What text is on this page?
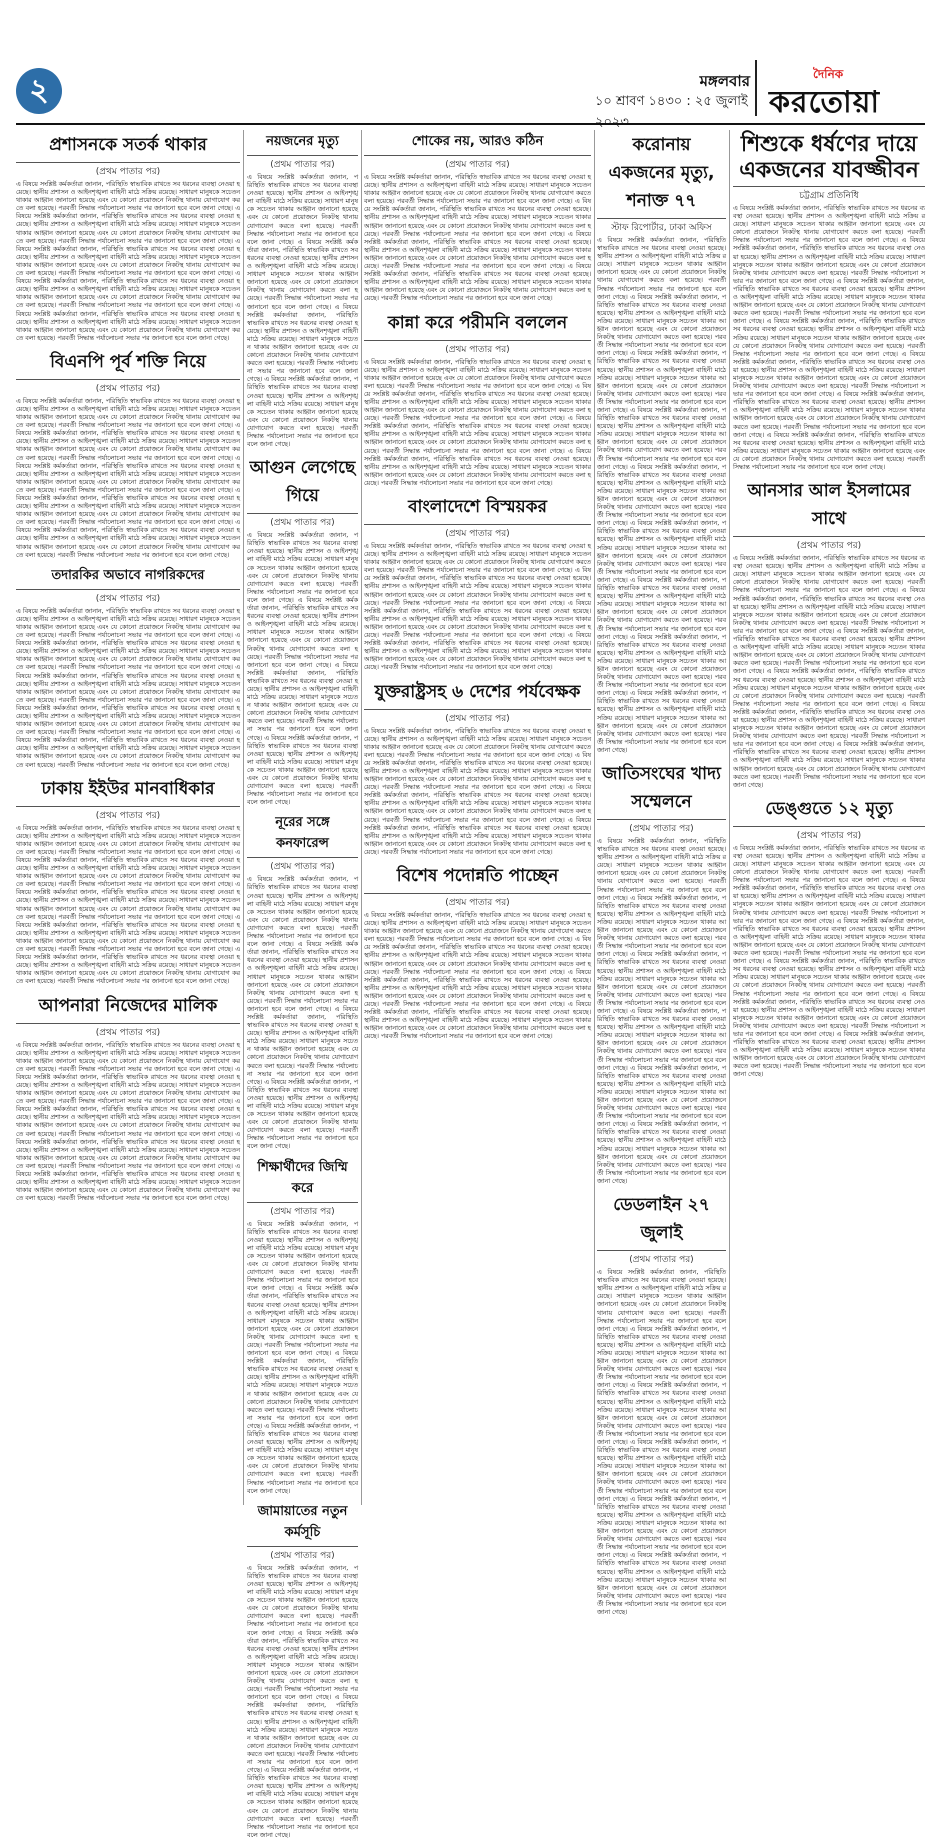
২	মঙ্গলবার
১০ শ্রাবণ ১৪৩০ : ২৫ জুলাই
দৈনিক
করতোয়া
প্রশাসনকে সতর্ক থাকার
(প্রথম পাতার পর)

এ বিষয়ে সংশ্লিষ্ট কর্মকর্তারা জানান, পরিস্থিতি স্বাভাবিক রাখতে সব ধরনের ব্যবস্থা নেওয়া হয়েছে। স্থানীয় প্রশাসন ও আইনশৃঙ্খলা বাহিনী মাঠে সক্রিয় রয়েছে। সাধারণ মানুষকে সচেতন থাকার আহ্বান জানানো হয়েছে এবং যে কোনো প্রয়োজনে নিকটস্থ থানায় যোগাযোগ করতে বলা হয়েছে। পরবর্তী সিদ্ধান্ত পর্যালোচনা সভার পর জানানো হবে বলে জানা গেছে। এ বিষয়ে সংশ্লিষ্ট কর্মকর্তারা জানান, পরিস্থিতি স্বাভাবিক রাখতে সব ধরনের ব্যবস্থা নেওয়া হয়েছে। স্থানীয় প্রশাসন ও আইনশৃঙ্খলা বাহিনী মাঠে সক্রিয় রয়েছে। সাধারণ মানুষকে সচেতন থাকার আহ্বান জানানো হয়েছে এবং যে কোনো প্রয়োজনে নিকটস্থ থানায় যোগাযোগ করতে বলা হয়েছে। পরবর্তী সিদ্ধান্ত পর্যালোচনা সভার পর জানানো হবে বলে জানা গেছে। এ বিষয়ে সংশ্লিষ্ট কর্মকর্তারা জানান, পরিস্থিতি স্বাভাবিক রাখতে সব ধরনের ব্যবস্থা নেওয়া হয়েছে। স্থানীয় প্রশাসন ও আইনশৃঙ্খলা বাহিনী মাঠে সক্রিয় রয়েছে। সাধারণ মানুষকে সচেতন থাকার আহ্বান জানানো হয়েছে এবং যে কোনো প্রয়োজনে নিকটস্থ থানায় যোগাযোগ করতে বলা হয়েছে। পরবর্তী সিদ্ধান্ত পর্যালোচনা সভার পর জানানো হবে বলে জানা গেছে। এ বিষয়ে সংশ্লিষ্ট কর্মকর্তারা জানান, পরিস্থিতি স্বাভাবিক রাখতে সব ধরনের ব্যবস্থা নেওয়া হয়েছে। স্থানীয় প্রশাসন ও আইনশৃঙ্খলা বাহিনী মাঠে সক্রিয় রয়েছে। সাধারণ মানুষকে সচেতন থাকার আহ্বান জানানো হয়েছে এবং যে কোনো প্রয়োজনে নিকটস্থ থানায় যোগাযোগ করতে বলা হয়েছে। পরবর্তী সিদ্ধান্ত পর্যালোচনা সভার পর জানানো হবে বলে জানা গেছে। এ বিষয়ে সংশ্লিষ্ট কর্মকর্তারা জানান, পরিস্থিতি স্বাভাবিক রাখতে সব ধরনের ব্যবস্থা নেওয়া হয়েছে। স্থানীয় প্রশাসন ও আইনশৃঙ্খলা বাহিনী মাঠে সক্রিয় রয়েছে। সাধারণ মানুষকে সচেতন থাকার আহ্বান জানানো হয়েছে এবং যে কোনো প্রয়োজনে নিকটস্থ থানায় যোগাযোগ করতে বলা হয়েছে। পরবর্তী সিদ্ধান্ত পর্যালোচনা সভার পর জানানো হবে বলে জানা গেছে।

বিএনপি পূর্ব শক্তি নিয়ে
(প্রথম পাতার পর)

এ বিষয়ে সংশ্লিষ্ট কর্মকর্তারা জানান, পরিস্থিতি স্বাভাবিক রাখতে সব ধরনের ব্যবস্থা নেওয়া হয়েছে। স্থানীয় প্রশাসন ও আইনশৃঙ্খলা বাহিনী মাঠে সক্রিয় রয়েছে। সাধারণ মানুষকে সচেতন থাকার আহ্বান জানানো হয়েছে এবং যে কোনো প্রয়োজনে নিকটস্থ থানায় যোগাযোগ করতে বলা হয়েছে। পরবর্তী সিদ্ধান্ত পর্যালোচনা সভার পর জানানো হবে বলে জানা গেছে। এ বিষয়ে সংশ্লিষ্ট কর্মকর্তারা জানান, পরিস্থিতি স্বাভাবিক রাখতে সব ধরনের ব্যবস্থা নেওয়া হয়েছে। স্থানীয় প্রশাসন ও আইনশৃঙ্খলা বাহিনী মাঠে সক্রিয় রয়েছে। সাধারণ মানুষকে সচেতন থাকার আহ্বান জানানো হয়েছে এবং যে কোনো প্রয়োজনে নিকটস্থ থানায় যোগাযোগ করতে বলা হয়েছে। পরবর্তী সিদ্ধান্ত পর্যালোচনা সভার পর জানানো হবে বলে জানা গেছে। এ বিষয়ে সংশ্লিষ্ট কর্মকর্তারা জানান, পরিস্থিতি স্বাভাবিক রাখতে সব ধরনের ব্যবস্থা নেওয়া হয়েছে। স্থানীয় প্রশাসন ও আইনশৃঙ্খলা বাহিনী মাঠে সক্রিয় রয়েছে। সাধারণ মানুষকে সচেতন থাকার আহ্বান জানানো হয়েছে এবং যে কোনো প্রয়োজনে নিকটস্থ থানায় যোগাযোগ করতে বলা হয়েছে। পরবর্তী সিদ্ধান্ত পর্যালোচনা সভার পর জানানো হবে বলে জানা গেছে। এ বিষয়ে সংশ্লিষ্ট কর্মকর্তারা জানান, পরিস্থিতি স্বাভাবিক রাখতে সব ধরনের ব্যবস্থা নেওয়া হয়েছে। স্থানীয় প্রশাসন ও আইনশৃঙ্খলা বাহিনী মাঠে সক্রিয় রয়েছে। সাধারণ মানুষকে সচেতন থাকার আহ্বান জানানো হয়েছে এবং যে কোনো প্রয়োজনে নিকটস্থ থানায় যোগাযোগ করতে বলা হয়েছে। পরবর্তী সিদ্ধান্ত পর্যালোচনা সভার পর জানানো হবে বলে জানা গেছে। এ বিষয়ে সংশ্লিষ্ট কর্মকর্তারা জানান, পরিস্থিতি স্বাভাবিক রাখতে সব ধরনের ব্যবস্থা নেওয়া হয়েছে। স্থানীয় প্রশাসন ও আইনশৃঙ্খলা বাহিনী মাঠে সক্রিয় রয়েছে। সাধারণ মানুষকে সচেতন থাকার আহ্বান জানানো হয়েছে এবং যে কোনো প্রয়োজনে নিকটস্থ থানায় যোগাযোগ করতে বলা হয়েছে। পরবর্তী সিদ্ধান্ত পর্যালোচনা সভার পর জানানো হবে বলে জানা গেছে।

তদারকির অভাবে নাগরিকদের
(প্রথম পাতার পর)

এ বিষয়ে সংশ্লিষ্ট কর্মকর্তারা জানান, পরিস্থিতি স্বাভাবিক রাখতে সব ধরনের ব্যবস্থা নেওয়া হয়েছে। স্থানীয় প্রশাসন ও আইনশৃঙ্খলা বাহিনী মাঠে সক্রিয় রয়েছে। সাধারণ মানুষকে সচেতন থাকার আহ্বান জানানো হয়েছে এবং যে কোনো প্রয়োজনে নিকটস্থ থানায় যোগাযোগ করতে বলা হয়েছে। পরবর্তী সিদ্ধান্ত পর্যালোচনা সভার পর জানানো হবে বলে জানা গেছে। এ বিষয়ে সংশ্লিষ্ট কর্মকর্তারা জানান, পরিস্থিতি স্বাভাবিক রাখতে সব ধরনের ব্যবস্থা নেওয়া হয়েছে। স্থানীয় প্রশাসন ও আইনশৃঙ্খলা বাহিনী মাঠে সক্রিয় রয়েছে। সাধারণ মানুষকে সচেতন থাকার আহ্বান জানানো হয়েছে এবং যে কোনো প্রয়োজনে নিকটস্থ থানায় যোগাযোগ করতে বলা হয়েছে। পরবর্তী সিদ্ধান্ত পর্যালোচনা সভার পর জানানো হবে বলে জানা গেছে। এ বিষয়ে সংশ্লিষ্ট কর্মকর্তারা জানান, পরিস্থিতি স্বাভাবিক রাখতে সব ধরনের ব্যবস্থা নেওয়া হয়েছে। স্থানীয় প্রশাসন ও আইনশৃঙ্খলা বাহিনী মাঠে সক্রিয় রয়েছে। সাধারণ মানুষকে সচেতন থাকার আহ্বান জানানো হয়েছে এবং যে কোনো প্রয়োজনে নিকটস্থ থানায় যোগাযোগ করতে বলা হয়েছে। পরবর্তী সিদ্ধান্ত পর্যালোচনা সভার পর জানানো হবে বলে জানা গেছে। এ বিষয়ে সংশ্লিষ্ট কর্মকর্তারা জানান, পরিস্থিতি স্বাভাবিক রাখতে সব ধরনের ব্যবস্থা নেওয়া হয়েছে। স্থানীয় প্রশাসন ও আইনশৃঙ্খলা বাহিনী মাঠে সক্রিয় রয়েছে। সাধারণ মানুষকে সচেতন থাকার আহ্বান জানানো হয়েছে এবং যে কোনো প্রয়োজনে নিকটস্থ থানায় যোগাযোগ করতে বলা হয়েছে। পরবর্তী সিদ্ধান্ত পর্যালোচনা সভার পর জানানো হবে বলে জানা গেছে। এ বিষয়ে সংশ্লিষ্ট কর্মকর্তারা জানান, পরিস্থিতি স্বাভাবিক রাখতে সব ধরনের ব্যবস্থা নেওয়া হয়েছে। স্থানীয় প্রশাসন ও আইনশৃঙ্খলা বাহিনী মাঠে সক্রিয় রয়েছে। সাধারণ মানুষকে সচেতন থাকার আহ্বান জানানো হয়েছে এবং যে কোনো প্রয়োজনে নিকটস্থ থানায় যোগাযোগ করতে বলা হয়েছে। পরবর্তী সিদ্ধান্ত পর্যালোচনা সভার পর জানানো হবে বলে জানা গেছে।

ঢাকায় ইইউর মানবাধিকার
(প্রথম পাতার পর)

এ বিষয়ে সংশ্লিষ্ট কর্মকর্তারা জানান, পরিস্থিতি স্বাভাবিক রাখতে সব ধরনের ব্যবস্থা নেওয়া হয়েছে। স্থানীয় প্রশাসন ও আইনশৃঙ্খলা বাহিনী মাঠে সক্রিয় রয়েছে। সাধারণ মানুষকে সচেতন থাকার আহ্বান জানানো হয়েছে এবং যে কোনো প্রয়োজনে নিকটস্থ থানায় যোগাযোগ করতে বলা হয়েছে। পরবর্তী সিদ্ধান্ত পর্যালোচনা সভার পর জানানো হবে বলে জানা গেছে। এ বিষয়ে সংশ্লিষ্ট কর্মকর্তারা জানান, পরিস্থিতি স্বাভাবিক রাখতে সব ধরনের ব্যবস্থা নেওয়া হয়েছে। স্থানীয় প্রশাসন ও আইনশৃঙ্খলা বাহিনী মাঠে সক্রিয় রয়েছে। সাধারণ মানুষকে সচেতন থাকার আহ্বান জানানো হয়েছে এবং যে কোনো প্রয়োজনে নিকটস্থ থানায় যোগাযোগ করতে বলা হয়েছে। পরবর্তী সিদ্ধান্ত পর্যালোচনা সভার পর জানানো হবে বলে জানা গেছে। এ বিষয়ে সংশ্লিষ্ট কর্মকর্তারা জানান, পরিস্থিতি স্বাভাবিক রাখতে সব ধরনের ব্যবস্থা নেওয়া হয়েছে। স্থানীয় প্রশাসন ও আইনশৃঙ্খলা বাহিনী মাঠে সক্রিয় রয়েছে। সাধারণ মানুষকে সচেতন থাকার আহ্বান জানানো হয়েছে এবং যে কোনো প্রয়োজনে নিকটস্থ থানায় যোগাযোগ করতে বলা হয়েছে। পরবর্তী সিদ্ধান্ত পর্যালোচনা সভার পর জানানো হবে বলে জানা গেছে। এ বিষয়ে সংশ্লিষ্ট কর্মকর্তারা জানান, পরিস্থিতি স্বাভাবিক রাখতে সব ধরনের ব্যবস্থা নেওয়া হয়েছে। স্থানীয় প্রশাসন ও আইনশৃঙ্খলা বাহিনী মাঠে সক্রিয় রয়েছে। সাধারণ মানুষকে সচেতন থাকার আহ্বান জানানো হয়েছে এবং যে কোনো প্রয়োজনে নিকটস্থ থানায় যোগাযোগ করতে বলা হয়েছে। পরবর্তী সিদ্ধান্ত পর্যালোচনা সভার পর জানানো হবে বলে জানা গেছে। এ বিষয়ে সংশ্লিষ্ট কর্মকর্তারা জানান, পরিস্থিতি স্বাভাবিক রাখতে সব ধরনের ব্যবস্থা নেওয়া হয়েছে। স্থানীয় প্রশাসন ও আইনশৃঙ্খলা বাহিনী মাঠে সক্রিয় রয়েছে। সাধারণ মানুষকে সচেতন থাকার আহ্বান জানানো হয়েছে এবং যে কোনো প্রয়োজনে নিকটস্থ থানায় যোগাযোগ করতে বলা হয়েছে। পরবর্তী সিদ্ধান্ত পর্যালোচনা সভার পর জানানো হবে বলে জানা গেছে।

আপনারা নিজেদের মালিক
(প্রথম পাতার পর)

এ বিষয়ে সংশ্লিষ্ট কর্মকর্তারা জানান, পরিস্থিতি স্বাভাবিক রাখতে সব ধরনের ব্যবস্থা নেওয়া হয়েছে। স্থানীয় প্রশাসন ও আইনশৃঙ্খলা বাহিনী মাঠে সক্রিয় রয়েছে। সাধারণ মানুষকে সচেতন থাকার আহ্বান জানানো হয়েছে এবং যে কোনো প্রয়োজনে নিকটস্থ থানায় যোগাযোগ করতে বলা হয়েছে। পরবর্তী সিদ্ধান্ত পর্যালোচনা সভার পর জানানো হবে বলে জানা গেছে। এ বিষয়ে সংশ্লিষ্ট কর্মকর্তারা জানান, পরিস্থিতি স্বাভাবিক রাখতে সব ধরনের ব্যবস্থা নেওয়া হয়েছে। স্থানীয় প্রশাসন ও আইনশৃঙ্খলা বাহিনী মাঠে সক্রিয় রয়েছে। সাধারণ মানুষকে সচেতন থাকার আহ্বান জানানো হয়েছে এবং যে কোনো প্রয়োজনে নিকটস্থ থানায় যোগাযোগ করতে বলা হয়েছে। পরবর্তী সিদ্ধান্ত পর্যালোচনা সভার পর জানানো হবে বলে জানা গেছে। এ বিষয়ে সংশ্লিষ্ট কর্মকর্তারা জানান, পরিস্থিতি স্বাভাবিক রাখতে সব ধরনের ব্যবস্থা নেওয়া হয়েছে। স্থানীয় প্রশাসন ও আইনশৃঙ্খলা বাহিনী মাঠে সক্রিয় রয়েছে। সাধারণ মানুষকে সচেতন থাকার আহ্বান জানানো হয়েছে এবং যে কোনো প্রয়োজনে নিকটস্থ থানায় যোগাযোগ করতে বলা হয়েছে। পরবর্তী সিদ্ধান্ত পর্যালোচনা সভার পর জানানো হবে বলে জানা গেছে। এ বিষয়ে সংশ্লিষ্ট কর্মকর্তারা জানান, পরিস্থিতি স্বাভাবিক রাখতে সব ধরনের ব্যবস্থা নেওয়া হয়েছে। স্থানীয় প্রশাসন ও আইনশৃঙ্খলা বাহিনী মাঠে সক্রিয় রয়েছে। সাধারণ মানুষকে সচেতন থাকার আহ্বান জানানো হয়েছে এবং যে কোনো প্রয়োজনে নিকটস্থ থানায় যোগাযোগ করতে বলা হয়েছে। পরবর্তী সিদ্ধান্ত পর্যালোচনা সভার পর জানানো হবে বলে জানা গেছে। এ বিষয়ে সংশ্লিষ্ট কর্মকর্তারা জানান, পরিস্থিতি স্বাভাবিক রাখতে সব ধরনের ব্যবস্থা নেওয়া হয়েছে। স্থানীয় প্রশাসন ও আইনশৃঙ্খলা বাহিনী মাঠে সক্রিয় রয়েছে। সাধারণ মানুষকে সচেতন থাকার আহ্বান জানানো হয়েছে এবং যে কোনো প্রয়োজনে নিকটস্থ থানায় যোগাযোগ করতে বলা হয়েছে। পরবর্তী সিদ্ধান্ত পর্যালোচনা সভার পর জানানো হবে বলে জানা গেছে।

নয়জনের মৃত্যু
(প্রথম পাতার পর)

এ বিষয়ে সংশ্লিষ্ট কর্মকর্তারা জানান, পরিস্থিতি স্বাভাবিক রাখতে সব ধরনের ব্যবস্থা নেওয়া হয়েছে। স্থানীয় প্রশাসন ও আইনশৃঙ্খলা বাহিনী মাঠে সক্রিয় রয়েছে। সাধারণ মানুষকে সচেতন থাকার আহ্বান জানানো হয়েছে এবং যে কোনো প্রয়োজনে নিকটস্থ থানায় যোগাযোগ করতে বলা হয়েছে। পরবর্তী সিদ্ধান্ত পর্যালোচনা সভার পর জানানো হবে বলে জানা গেছে। এ বিষয়ে সংশ্লিষ্ট কর্মকর্তারা জানান, পরিস্থিতি স্বাভাবিক রাখতে সব ধরনের ব্যবস্থা নেওয়া হয়েছে। স্থানীয় প্রশাসন ও আইনশৃঙ্খলা বাহিনী মাঠে সক্রিয় রয়েছে। সাধারণ মানুষকে সচেতন থাকার আহ্বান জানানো হয়েছে এবং যে কোনো প্রয়োজনে নিকটস্থ থানায় যোগাযোগ করতে বলা হয়েছে। পরবর্তী সিদ্ধান্ত পর্যালোচনা সভার পর জানানো হবে বলে জানা গেছে। এ বিষয়ে সংশ্লিষ্ট কর্মকর্তারা জানান, পরিস্থিতি স্বাভাবিক রাখতে সব ধরনের ব্যবস্থা নেওয়া হয়েছে। স্থানীয় প্রশাসন ও আইনশৃঙ্খলা বাহিনী মাঠে সক্রিয় রয়েছে। সাধারণ মানুষকে সচেতন থাকার আহ্বান জানানো হয়েছে এবং যে কোনো প্রয়োজনে নিকটস্থ থানায় যোগাযোগ করতে বলা হয়েছে। পরবর্তী সিদ্ধান্ত পর্যালোচনা সভার পর জানানো হবে বলে জানা গেছে। এ বিষয়ে সংশ্লিষ্ট কর্মকর্তারা জানান, পরিস্থিতি স্বাভাবিক রাখতে সব ধরনের ব্যবস্থা নেওয়া হয়েছে। স্থানীয় প্রশাসন ও আইনশৃঙ্খলা বাহিনী মাঠে সক্রিয় রয়েছে। সাধারণ মানুষকে সচেতন থাকার আহ্বান জানানো হয়েছে এবং যে কোনো প্রয়োজনে নিকটস্থ থানায় যোগাযোগ করতে বলা হয়েছে। পরবর্তী সিদ্ধান্ত পর্যালোচনা সভার পর জানানো হবে বলে জানা গেছে।

আগুন লেগেছে গিয়ে
(প্রথম পাতার পর)

এ বিষয়ে সংশ্লিষ্ট কর্মকর্তারা জানান, পরিস্থিতি স্বাভাবিক রাখতে সব ধরনের ব্যবস্থা নেওয়া হয়েছে। স্থানীয় প্রশাসন ও আইনশৃঙ্খলা বাহিনী মাঠে সক্রিয় রয়েছে। সাধারণ মানুষকে সচেতন থাকার আহ্বান জানানো হয়েছে এবং যে কোনো প্রয়োজনে নিকটস্থ থানায় যোগাযোগ করতে বলা হয়েছে। পরবর্তী সিদ্ধান্ত পর্যালোচনা সভার পর জানানো হবে বলে জানা গেছে। এ বিষয়ে সংশ্লিষ্ট কর্মকর্তারা জানান, পরিস্থিতি স্বাভাবিক রাখতে সব ধরনের ব্যবস্থা নেওয়া হয়েছে। স্থানীয় প্রশাসন ও আইনশৃঙ্খলা বাহিনী মাঠে সক্রিয় রয়েছে। সাধারণ মানুষকে সচেতন থাকার আহ্বান জানানো হয়েছে এবং যে কোনো প্রয়োজনে নিকটস্থ থানায় যোগাযোগ করতে বলা হয়েছে। পরবর্তী সিদ্ধান্ত পর্যালোচনা সভার পর জানানো হবে বলে জানা গেছে। এ বিষয়ে সংশ্লিষ্ট কর্মকর্তারা জানান, পরিস্থিতি স্বাভাবিক রাখতে সব ধরনের ব্যবস্থা নেওয়া হয়েছে। স্থানীয় প্রশাসন ও আইনশৃঙ্খলা বাহিনী মাঠে সক্রিয় রয়েছে। সাধারণ মানুষকে সচেতন থাকার আহ্বান জানানো হয়েছে এবং যে কোনো প্রয়োজনে নিকটস্থ থানায় যোগাযোগ করতে বলা হয়েছে। পরবর্তী সিদ্ধান্ত পর্যালোচনা সভার পর জানানো হবে বলে জানা গেছে। এ বিষয়ে সংশ্লিষ্ট কর্মকর্তারা জানান, পরিস্থিতি স্বাভাবিক রাখতে সব ধরনের ব্যবস্থা নেওয়া হয়েছে। স্থানীয় প্রশাসন ও আইনশৃঙ্খলা বাহিনী মাঠে সক্রিয় রয়েছে। সাধারণ মানুষকে সচেতন থাকার আহ্বান জানানো হয়েছে এবং যে কোনো প্রয়োজনে নিকটস্থ থানায় যোগাযোগ করতে বলা হয়েছে। পরবর্তী সিদ্ধান্ত পর্যালোচনা সভার পর জানানো হবে বলে জানা গেছে।

নূরের সঙ্গে কনফারেন্স
(প্রথম পাতার পর)

এ বিষয়ে সংশ্লিষ্ট কর্মকর্তারা জানান, পরিস্থিতি স্বাভাবিক রাখতে সব ধরনের ব্যবস্থা নেওয়া হয়েছে। স্থানীয় প্রশাসন ও আইনশৃঙ্খলা বাহিনী মাঠে সক্রিয় রয়েছে। সাধারণ মানুষকে সচেতন থাকার আহ্বান জানানো হয়েছে এবং যে কোনো প্রয়োজনে নিকটস্থ থানায় যোগাযোগ করতে বলা হয়েছে। পরবর্তী সিদ্ধান্ত পর্যালোচনা সভার পর জানানো হবে বলে জানা গেছে। এ বিষয়ে সংশ্লিষ্ট কর্মকর্তারা জানান, পরিস্থিতি স্বাভাবিক রাখতে সব ধরনের ব্যবস্থা নেওয়া হয়েছে। স্থানীয় প্রশাসন ও আইনশৃঙ্খলা বাহিনী মাঠে সক্রিয় রয়েছে। সাধারণ মানুষকে সচেতন থাকার আহ্বান জানানো হয়েছে এবং যে কোনো প্রয়োজনে নিকটস্থ থানায় যোগাযোগ করতে বলা হয়েছে। পরবর্তী সিদ্ধান্ত পর্যালোচনা সভার পর জানানো হবে বলে জানা গেছে। এ বিষয়ে সংশ্লিষ্ট কর্মকর্তারা জানান, পরিস্থিতি স্বাভাবিক রাখতে সব ধরনের ব্যবস্থা নেওয়া হয়েছে। স্থানীয় প্রশাসন ও আইনশৃঙ্খলা বাহিনী মাঠে সক্রিয় রয়েছে। সাধারণ মানুষকে সচেতন থাকার আহ্বান জানানো হয়েছে এবং যে কোনো প্রয়োজনে নিকটস্থ থানায় যোগাযোগ করতে বলা হয়েছে। পরবর্তী সিদ্ধান্ত পর্যালোচনা সভার পর জানানো হবে বলে জানা গেছে। এ বিষয়ে সংশ্লিষ্ট কর্মকর্তারা জানান, পরিস্থিতি স্বাভাবিক রাখতে সব ধরনের ব্যবস্থা নেওয়া হয়েছে। স্থানীয় প্রশাসন ও আইনশৃঙ্খলা বাহিনী মাঠে সক্রিয় রয়েছে। সাধারণ মানুষকে সচেতন থাকার আহ্বান জানানো হয়েছে এবং যে কোনো প্রয়োজনে নিকটস্থ থানায় যোগাযোগ করতে বলা হয়েছে। পরবর্তী সিদ্ধান্ত পর্যালোচনা সভার পর জানানো হবে বলে জানা গেছে।

শিক্ষার্থীদের জিম্মি করে
(প্রথম পাতার পর)

এ বিষয়ে সংশ্লিষ্ট কর্মকর্তারা জানান, পরিস্থিতি স্বাভাবিক রাখতে সব ধরনের ব্যবস্থা নেওয়া হয়েছে। স্থানীয় প্রশাসন ও আইনশৃঙ্খলা বাহিনী মাঠে সক্রিয় রয়েছে। সাধারণ মানুষকে সচেতন থাকার আহ্বান জানানো হয়েছে এবং যে কোনো প্রয়োজনে নিকটস্থ থানায় যোগাযোগ করতে বলা হয়েছে। পরবর্তী সিদ্ধান্ত পর্যালোচনা সভার পর জানানো হবে বলে জানা গেছে। এ বিষয়ে সংশ্লিষ্ট কর্মকর্তারা জানান, পরিস্থিতি স্বাভাবিক রাখতে সব ধরনের ব্যবস্থা নেওয়া হয়েছে। স্থানীয় প্রশাসন ও আইনশৃঙ্খলা বাহিনী মাঠে সক্রিয় রয়েছে। সাধারণ মানুষকে সচেতন থাকার আহ্বান জানানো হয়েছে এবং যে কোনো প্রয়োজনে নিকটস্থ থানায় যোগাযোগ করতে বলা হয়েছে। পরবর্তী সিদ্ধান্ত পর্যালোচনা সভার পর জানানো হবে বলে জানা গেছে। এ বিষয়ে সংশ্লিষ্ট কর্মকর্তারা জানান, পরিস্থিতি স্বাভাবিক রাখতে সব ধরনের ব্যবস্থা নেওয়া হয়েছে। স্থানীয় প্রশাসন ও আইনশৃঙ্খলা বাহিনী মাঠে সক্রিয় রয়েছে। সাধারণ মানুষকে সচেতন থাকার আহ্বান জানানো হয়েছে এবং যে কোনো প্রয়োজনে নিকটস্থ থানায় যোগাযোগ করতে বলা হয়েছে। পরবর্তী সিদ্ধান্ত পর্যালোচনা সভার পর জানানো হবে বলে জানা গেছে। এ বিষয়ে সংশ্লিষ্ট কর্মকর্তারা জানান, পরিস্থিতি স্বাভাবিক রাখতে সব ধরনের ব্যবস্থা নেওয়া হয়েছে। স্থানীয় প্রশাসন ও আইনশৃঙ্খলা বাহিনী মাঠে সক্রিয় রয়েছে। সাধারণ মানুষকে সচেতন থাকার আহ্বান জানানো হয়েছে এবং যে কোনো প্রয়োজনে নিকটস্থ থানায় যোগাযোগ করতে বলা হয়েছে। পরবর্তী সিদ্ধান্ত পর্যালোচনা সভার পর জানানো হবে বলে জানা গেছে।

জামায়াতের নতুন কর্মসূচি
(প্রথম পাতার পর)

এ বিষয়ে সংশ্লিষ্ট কর্মকর্তারা জানান, পরিস্থিতি স্বাভাবিক রাখতে সব ধরনের ব্যবস্থা নেওয়া হয়েছে। স্থানীয় প্রশাসন ও আইনশৃঙ্খলা বাহিনী মাঠে সক্রিয় রয়েছে। সাধারণ মানুষকে সচেতন থাকার আহ্বান জানানো হয়েছে এবং যে কোনো প্রয়োজনে নিকটস্থ থানায় যোগাযোগ করতে বলা হয়েছে। পরবর্তী সিদ্ধান্ত পর্যালোচনা সভার পর জানানো হবে বলে জানা গেছে। এ বিষয়ে সংশ্লিষ্ট কর্মকর্তারা জানান, পরিস্থিতি স্বাভাবিক রাখতে সব ধরনের ব্যবস্থা নেওয়া হয়েছে। স্থানীয় প্রশাসন ও আইনশৃঙ্খলা বাহিনী মাঠে সক্রিয় রয়েছে। সাধারণ মানুষকে সচেতন থাকার আহ্বান জানানো হয়েছে এবং যে কোনো প্রয়োজনে নিকটস্থ থানায় যোগাযোগ করতে বলা হয়েছে। পরবর্তী সিদ্ধান্ত পর্যালোচনা সভার পর জানানো হবে বলে জানা গেছে। এ বিষয়ে সংশ্লিষ্ট কর্মকর্তারা জানান, পরিস্থিতি স্বাভাবিক রাখতে সব ধরনের ব্যবস্থা নেওয়া হয়েছে। স্থানীয় প্রশাসন ও আইনশৃঙ্খলা বাহিনী মাঠে সক্রিয় রয়েছে। সাধারণ মানুষকে সচেতন থাকার আহ্বান জানানো হয়েছে এবং যে কোনো প্রয়োজনে নিকটস্থ থানায় যোগাযোগ করতে বলা হয়েছে। পরবর্তী সিদ্ধান্ত পর্যালোচনা সভার পর জানানো হবে বলে জানা গেছে। এ বিষয়ে সংশ্লিষ্ট কর্মকর্তারা জানান, পরিস্থিতি স্বাভাবিক রাখতে সব ধরনের ব্যবস্থা নেওয়া হয়েছে। স্থানীয় প্রশাসন ও আইনশৃঙ্খলা বাহিনী মাঠে সক্রিয় রয়েছে। সাধারণ মানুষকে সচেতন থাকার আহ্বান জানানো হয়েছে এবং যে কোনো প্রয়োজনে নিকটস্থ থানায় যোগাযোগ করতে বলা হয়েছে। পরবর্তী সিদ্ধান্ত পর্যালোচনা সভার পর জানানো হবে বলে জানা গেছে।

শোকের নয়, আরও কঠিন
(প্রথম পাতার পর)

এ বিষয়ে সংশ্লিষ্ট কর্মকর্তারা জানান, পরিস্থিতি স্বাভাবিক রাখতে সব ধরনের ব্যবস্থা নেওয়া হয়েছে। স্থানীয় প্রশাসন ও আইনশৃঙ্খলা বাহিনী মাঠে সক্রিয় রয়েছে। সাধারণ মানুষকে সচেতন থাকার আহ্বান জানানো হয়েছে এবং যে কোনো প্রয়োজনে নিকটস্থ থানায় যোগাযোগ করতে বলা হয়েছে। পরবর্তী সিদ্ধান্ত পর্যালোচনা সভার পর জানানো হবে বলে জানা গেছে। এ বিষয়ে সংশ্লিষ্ট কর্মকর্তারা জানান, পরিস্থিতি স্বাভাবিক রাখতে সব ধরনের ব্যবস্থা নেওয়া হয়েছে। স্থানীয় প্রশাসন ও আইনশৃঙ্খলা বাহিনী মাঠে সক্রিয় রয়েছে। সাধারণ মানুষকে সচেতন থাকার আহ্বান জানানো হয়েছে এবং যে কোনো প্রয়োজনে নিকটস্থ থানায় যোগাযোগ করতে বলা হয়েছে। পরবর্তী সিদ্ধান্ত পর্যালোচনা সভার পর জানানো হবে বলে জানা গেছে। এ বিষয়ে সংশ্লিষ্ট কর্মকর্তারা জানান, পরিস্থিতি স্বাভাবিক রাখতে সব ধরনের ব্যবস্থা নেওয়া হয়েছে। স্থানীয় প্রশাসন ও আইনশৃঙ্খলা বাহিনী মাঠে সক্রিয় রয়েছে। সাধারণ মানুষকে সচেতন থাকার আহ্বান জানানো হয়েছে এবং যে কোনো প্রয়োজনে নিকটস্থ থানায় যোগাযোগ করতে বলা হয়েছে। পরবর্তী সিদ্ধান্ত পর্যালোচনা সভার পর জানানো হবে বলে জানা গেছে। এ বিষয়ে সংশ্লিষ্ট কর্মকর্তারা জানান, পরিস্থিতি স্বাভাবিক রাখতে সব ধরনের ব্যবস্থা নেওয়া হয়েছে। স্থানীয় প্রশাসন ও আইনশৃঙ্খলা বাহিনী মাঠে সক্রিয় রয়েছে। সাধারণ মানুষকে সচেতন থাকার আহ্বান জানানো হয়েছে এবং যে কোনো প্রয়োজনে নিকটস্থ থানায় যোগাযোগ করতে বলা হয়েছে। পরবর্তী সিদ্ধান্ত পর্যালোচনা সভার পর জানানো হবে বলে জানা গেছে।

কান্না করে পরীমনি বললেন
(প্রথম পাতার পর)

এ বিষয়ে সংশ্লিষ্ট কর্মকর্তারা জানান, পরিস্থিতি স্বাভাবিক রাখতে সব ধরনের ব্যবস্থা নেওয়া হয়েছে। স্থানীয় প্রশাসন ও আইনশৃঙ্খলা বাহিনী মাঠে সক্রিয় রয়েছে। সাধারণ মানুষকে সচেতন থাকার আহ্বান জানানো হয়েছে এবং যে কোনো প্রয়োজনে নিকটস্থ থানায় যোগাযোগ করতে বলা হয়েছে। পরবর্তী সিদ্ধান্ত পর্যালোচনা সভার পর জানানো হবে বলে জানা গেছে। এ বিষয়ে সংশ্লিষ্ট কর্মকর্তারা জানান, পরিস্থিতি স্বাভাবিক রাখতে সব ধরনের ব্যবস্থা নেওয়া হয়েছে। স্থানীয় প্রশাসন ও আইনশৃঙ্খলা বাহিনী মাঠে সক্রিয় রয়েছে। সাধারণ মানুষকে সচেতন থাকার আহ্বান জানানো হয়েছে এবং যে কোনো প্রয়োজনে নিকটস্থ থানায় যোগাযোগ করতে বলা হয়েছে। পরবর্তী সিদ্ধান্ত পর্যালোচনা সভার পর জানানো হবে বলে জানা গেছে। এ বিষয়ে সংশ্লিষ্ট কর্মকর্তারা জানান, পরিস্থিতি স্বাভাবিক রাখতে সব ধরনের ব্যবস্থা নেওয়া হয়েছে। স্থানীয় প্রশাসন ও আইনশৃঙ্খলা বাহিনী মাঠে সক্রিয় রয়েছে। সাধারণ মানুষকে সচেতন থাকার আহ্বান জানানো হয়েছে এবং যে কোনো প্রয়োজনে নিকটস্থ থানায় যোগাযোগ করতে বলা হয়েছে। পরবর্তী সিদ্ধান্ত পর্যালোচনা সভার পর জানানো হবে বলে জানা গেছে। এ বিষয়ে সংশ্লিষ্ট কর্মকর্তারা জানান, পরিস্থিতি স্বাভাবিক রাখতে সব ধরনের ব্যবস্থা নেওয়া হয়েছে। স্থানীয় প্রশাসন ও আইনশৃঙ্খলা বাহিনী মাঠে সক্রিয় রয়েছে। সাধারণ মানুষকে সচেতন থাকার আহ্বান জানানো হয়েছে এবং যে কোনো প্রয়োজনে নিকটস্থ থানায় যোগাযোগ করতে বলা হয়েছে। পরবর্তী সিদ্ধান্ত পর্যালোচনা সভার পর জানানো হবে বলে জানা গেছে।

বাংলাদেশে বিস্ময়কর
(প্রথম পাতার পর)

এ বিষয়ে সংশ্লিষ্ট কর্মকর্তারা জানান, পরিস্থিতি স্বাভাবিক রাখতে সব ধরনের ব্যবস্থা নেওয়া হয়েছে। স্থানীয় প্রশাসন ও আইনশৃঙ্খলা বাহিনী মাঠে সক্রিয় রয়েছে। সাধারণ মানুষকে সচেতন থাকার আহ্বান জানানো হয়েছে এবং যে কোনো প্রয়োজনে নিকটস্থ থানায় যোগাযোগ করতে বলা হয়েছে। পরবর্তী সিদ্ধান্ত পর্যালোচনা সভার পর জানানো হবে বলে জানা গেছে। এ বিষয়ে সংশ্লিষ্ট কর্মকর্তারা জানান, পরিস্থিতি স্বাভাবিক রাখতে সব ধরনের ব্যবস্থা নেওয়া হয়েছে। স্থানীয় প্রশাসন ও আইনশৃঙ্খলা বাহিনী মাঠে সক্রিয় রয়েছে। সাধারণ মানুষকে সচেতন থাকার আহ্বান জানানো হয়েছে এবং যে কোনো প্রয়োজনে নিকটস্থ থানায় যোগাযোগ করতে বলা হয়েছে। পরবর্তী সিদ্ধান্ত পর্যালোচনা সভার পর জানানো হবে বলে জানা গেছে। এ বিষয়ে সংশ্লিষ্ট কর্মকর্তারা জানান, পরিস্থিতি স্বাভাবিক রাখতে সব ধরনের ব্যবস্থা নেওয়া হয়েছে। স্থানীয় প্রশাসন ও আইনশৃঙ্খলা বাহিনী মাঠে সক্রিয় রয়েছে। সাধারণ মানুষকে সচেতন থাকার আহ্বান জানানো হয়েছে এবং যে কোনো প্রয়োজনে নিকটস্থ থানায় যোগাযোগ করতে বলা হয়েছে। পরবর্তী সিদ্ধান্ত পর্যালোচনা সভার পর জানানো হবে বলে জানা গেছে। এ বিষয়ে সংশ্লিষ্ট কর্মকর্তারা জানান, পরিস্থিতি স্বাভাবিক রাখতে সব ধরনের ব্যবস্থা নেওয়া হয়েছে। স্থানীয় প্রশাসন ও আইনশৃঙ্খলা বাহিনী মাঠে সক্রিয় রয়েছে। সাধারণ মানুষকে সচেতন থাকার আহ্বান জানানো হয়েছে এবং যে কোনো প্রয়োজনে নিকটস্থ থানায় যোগাযোগ করতে বলা হয়েছে। পরবর্তী সিদ্ধান্ত পর্যালোচনা সভার পর জানানো হবে বলে জানা গেছে।

যুক্তরাষ্ট্রসহ ৬ দেশের পর্যবেক্ষক
(প্রথম পাতার পর)

এ বিষয়ে সংশ্লিষ্ট কর্মকর্তারা জানান, পরিস্থিতি স্বাভাবিক রাখতে সব ধরনের ব্যবস্থা নেওয়া হয়েছে। স্থানীয় প্রশাসন ও আইনশৃঙ্খলা বাহিনী মাঠে সক্রিয় রয়েছে। সাধারণ মানুষকে সচেতন থাকার আহ্বান জানানো হয়েছে এবং যে কোনো প্রয়োজনে নিকটস্থ থানায় যোগাযোগ করতে বলা হয়েছে। পরবর্তী সিদ্ধান্ত পর্যালোচনা সভার পর জানানো হবে বলে জানা গেছে। এ বিষয়ে সংশ্লিষ্ট কর্মকর্তারা জানান, পরিস্থিতি স্বাভাবিক রাখতে সব ধরনের ব্যবস্থা নেওয়া হয়েছে। স্থানীয় প্রশাসন ও আইনশৃঙ্খলা বাহিনী মাঠে সক্রিয় রয়েছে। সাধারণ মানুষকে সচেতন থাকার আহ্বান জানানো হয়েছে এবং যে কোনো প্রয়োজনে নিকটস্থ থানায় যোগাযোগ করতে বলা হয়েছে। পরবর্তী সিদ্ধান্ত পর্যালোচনা সভার পর জানানো হবে বলে জানা গেছে। এ বিষয়ে সংশ্লিষ্ট কর্মকর্তারা জানান, পরিস্থিতি স্বাভাবিক রাখতে সব ধরনের ব্যবস্থা নেওয়া হয়েছে। স্থানীয় প্রশাসন ও আইনশৃঙ্খলা বাহিনী মাঠে সক্রিয় রয়েছে। সাধারণ মানুষকে সচেতন থাকার আহ্বান জানানো হয়েছে এবং যে কোনো প্রয়োজনে নিকটস্থ থানায় যোগাযোগ করতে বলা হয়েছে। পরবর্তী সিদ্ধান্ত পর্যালোচনা সভার পর জানানো হবে বলে জানা গেছে। এ বিষয়ে সংশ্লিষ্ট কর্মকর্তারা জানান, পরিস্থিতি স্বাভাবিক রাখতে সব ধরনের ব্যবস্থা নেওয়া হয়েছে। স্থানীয় প্রশাসন ও আইনশৃঙ্খলা বাহিনী মাঠে সক্রিয় রয়েছে। সাধারণ মানুষকে সচেতন থাকার আহ্বান জানানো হয়েছে এবং যে কোনো প্রয়োজনে নিকটস্থ থানায় যোগাযোগ করতে বলা হয়েছে। পরবর্তী সিদ্ধান্ত পর্যালোচনা সভার পর জানানো হবে বলে জানা গেছে।

বিশেষ পদোন্নতি পাচ্ছেন
(প্রথম পাতার পর)

এ বিষয়ে সংশ্লিষ্ট কর্মকর্তারা জানান, পরিস্থিতি স্বাভাবিক রাখতে সব ধরনের ব্যবস্থা নেওয়া হয়েছে। স্থানীয় প্রশাসন ও আইনশৃঙ্খলা বাহিনী মাঠে সক্রিয় রয়েছে। সাধারণ মানুষকে সচেতন থাকার আহ্বান জানানো হয়েছে এবং যে কোনো প্রয়োজনে নিকটস্থ থানায় যোগাযোগ করতে বলা হয়েছে। পরবর্তী সিদ্ধান্ত পর্যালোচনা সভার পর জানানো হবে বলে জানা গেছে। এ বিষয়ে সংশ্লিষ্ট কর্মকর্তারা জানান, পরিস্থিতি স্বাভাবিক রাখতে সব ধরনের ব্যবস্থা নেওয়া হয়েছে। স্থানীয় প্রশাসন ও আইনশৃঙ্খলা বাহিনী মাঠে সক্রিয় রয়েছে। সাধারণ মানুষকে সচেতন থাকার আহ্বান জানানো হয়েছে এবং যে কোনো প্রয়োজনে নিকটস্থ থানায় যোগাযোগ করতে বলা হয়েছে। পরবর্তী সিদ্ধান্ত পর্যালোচনা সভার পর জানানো হবে বলে জানা গেছে। এ বিষয়ে সংশ্লিষ্ট কর্মকর্তারা জানান, পরিস্থিতি স্বাভাবিক রাখতে সব ধরনের ব্যবস্থা নেওয়া হয়েছে। স্থানীয় প্রশাসন ও আইনশৃঙ্খলা বাহিনী মাঠে সক্রিয় রয়েছে। সাধারণ মানুষকে সচেতন থাকার আহ্বান জানানো হয়েছে এবং যে কোনো প্রয়োজনে নিকটস্থ থানায় যোগাযোগ করতে বলা হয়েছে। পরবর্তী সিদ্ধান্ত পর্যালোচনা সভার পর জানানো হবে বলে জানা গেছে। এ বিষয়ে সংশ্লিষ্ট কর্মকর্তারা জানান, পরিস্থিতি স্বাভাবিক রাখতে সব ধরনের ব্যবস্থা নেওয়া হয়েছে। স্থানীয় প্রশাসন ও আইনশৃঙ্খলা বাহিনী মাঠে সক্রিয় রয়েছে। সাধারণ মানুষকে সচেতন থাকার আহ্বান জানানো হয়েছে এবং যে কোনো প্রয়োজনে নিকটস্থ থানায় যোগাযোগ করতে বলা হয়েছে। পরবর্তী সিদ্ধান্ত পর্যালোচনা সভার পর জানানো হবে বলে জানা গেছে।

করোনায় একজনের মৃত্যু, শনাক্ত ৭৭
স্টাফ রিপোর্টার, ঢাকা অফিস

এ বিষয়ে সংশ্লিষ্ট কর্মকর্তারা জানান, পরিস্থিতি স্বাভাবিক রাখতে সব ধরনের ব্যবস্থা নেওয়া হয়েছে। স্থানীয় প্রশাসন ও আইনশৃঙ্খলা বাহিনী মাঠে সক্রিয় রয়েছে। সাধারণ মানুষকে সচেতন থাকার আহ্বান জানানো হয়েছে এবং যে কোনো প্রয়োজনে নিকটস্থ থানায় যোগাযোগ করতে বলা হয়েছে। পরবর্তী সিদ্ধান্ত পর্যালোচনা সভার পর জানানো হবে বলে জানা গেছে। এ বিষয়ে সংশ্লিষ্ট কর্মকর্তারা জানান, পরিস্থিতি স্বাভাবিক রাখতে সব ধরনের ব্যবস্থা নেওয়া হয়েছে। স্থানীয় প্রশাসন ও আইনশৃঙ্খলা বাহিনী মাঠে সক্রিয় রয়েছে। সাধারণ মানুষকে সচেতন থাকার আহ্বান জানানো হয়েছে এবং যে কোনো প্রয়োজনে নিকটস্থ থানায় যোগাযোগ করতে বলা হয়েছে। পরবর্তী সিদ্ধান্ত পর্যালোচনা সভার পর জানানো হবে বলে জানা গেছে। এ বিষয়ে সংশ্লিষ্ট কর্মকর্তারা জানান, পরিস্থিতি স্বাভাবিক রাখতে সব ধরনের ব্যবস্থা নেওয়া হয়েছে। স্থানীয় প্রশাসন ও আইনশৃঙ্খলা বাহিনী মাঠে সক্রিয় রয়েছে। সাধারণ মানুষকে সচেতন থাকার আহ্বান জানানো হয়েছে এবং যে কোনো প্রয়োজনে নিকটস্থ থানায় যোগাযোগ করতে বলা হয়েছে। পরবর্তী সিদ্ধান্ত পর্যালোচনা সভার পর জানানো হবে বলে জানা গেছে। এ বিষয়ে সংশ্লিষ্ট কর্মকর্তারা জানান, পরিস্থিতি স্বাভাবিক রাখতে সব ধরনের ব্যবস্থা নেওয়া হয়েছে। স্থানীয় প্রশাসন ও আইনশৃঙ্খলা বাহিনী মাঠে সক্রিয় রয়েছে। সাধারণ মানুষকে সচেতন থাকার আহ্বান জানানো হয়েছে এবং যে কোনো প্রয়োজনে নিকটস্থ থানায় যোগাযোগ করতে বলা হয়েছে। পরবর্তী সিদ্ধান্ত পর্যালোচনা সভার পর জানানো হবে বলে জানা গেছে। এ বিষয়ে সংশ্লিষ্ট কর্মকর্তারা জানান, পরিস্থিতি স্বাভাবিক রাখতে সব ধরনের ব্যবস্থা নেওয়া হয়েছে। স্থানীয় প্রশাসন ও আইনশৃঙ্খলা বাহিনী মাঠে সক্রিয় রয়েছে। সাধারণ মানুষকে সচেতন থাকার আহ্বান জানানো হয়েছে এবং যে কোনো প্রয়োজনে নিকটস্থ থানায় যোগাযোগ করতে বলা হয়েছে। পরবর্তী সিদ্ধান্ত পর্যালোচনা সভার পর জানানো হবে বলে জানা গেছে। এ বিষয়ে সংশ্লিষ্ট কর্মকর্তারা জানান, পরিস্থিতি স্বাভাবিক রাখতে সব ধরনের ব্যবস্থা নেওয়া হয়েছে। স্থানীয় প্রশাসন ও আইনশৃঙ্খলা বাহিনী মাঠে সক্রিয় রয়েছে। সাধারণ মানুষকে সচেতন থাকার আহ্বান জানানো হয়েছে এবং যে কোনো প্রয়োজনে নিকটস্থ থানায় যোগাযোগ করতে বলা হয়েছে। পরবর্তী সিদ্ধান্ত পর্যালোচনা সভার পর জানানো হবে বলে জানা গেছে। এ বিষয়ে সংশ্লিষ্ট কর্মকর্তারা জানান, পরিস্থিতি স্বাভাবিক রাখতে সব ধরনের ব্যবস্থা নেওয়া হয়েছে। স্থানীয় প্রশাসন ও আইনশৃঙ্খলা বাহিনী মাঠে সক্রিয় রয়েছে। সাধারণ মানুষকে সচেতন থাকার আহ্বান জানানো হয়েছে এবং যে কোনো প্রয়োজনে নিকটস্থ থানায় যোগাযোগ করতে বলা হয়েছে। পরবর্তী সিদ্ধান্ত পর্যালোচনা সভার পর জানানো হবে বলে জানা গেছে। এ বিষয়ে সংশ্লিষ্ট কর্মকর্তারা জানান, পরিস্থিতি স্বাভাবিক রাখতে সব ধরনের ব্যবস্থা নেওয়া হয়েছে। স্থানীয় প্রশাসন ও আইনশৃঙ্খলা বাহিনী মাঠে সক্রিয় রয়েছে। সাধারণ মানুষকে সচেতন থাকার আহ্বান জানানো হয়েছে এবং যে কোনো প্রয়োজনে নিকটস্থ থানায় যোগাযোগ করতে বলা হয়েছে। পরবর্তী সিদ্ধান্ত পর্যালোচনা সভার পর জানানো হবে বলে জানা গেছে। এ বিষয়ে সংশ্লিষ্ট কর্মকর্তারা জানান, পরিস্থিতি স্বাভাবিক রাখতে সব ধরনের ব্যবস্থা নেওয়া হয়েছে। স্থানীয় প্রশাসন ও আইনশৃঙ্খলা বাহিনী মাঠে সক্রিয় রয়েছে। সাধারণ মানুষকে সচেতন থাকার আহ্বান জানানো হয়েছে এবং যে কোনো প্রয়োজনে নিকটস্থ থানায় যোগাযোগ করতে বলা হয়েছে। পরবর্তী সিদ্ধান্ত পর্যালোচনা সভার পর জানানো হবে বলে জানা গেছে।

জাতিসংঘের খাদ্য সম্মেলনে
(প্রথম পাতার পর)

এ বিষয়ে সংশ্লিষ্ট কর্মকর্তারা জানান, পরিস্থিতি স্বাভাবিক রাখতে সব ধরনের ব্যবস্থা নেওয়া হয়েছে। স্থানীয় প্রশাসন ও আইনশৃঙ্খলা বাহিনী মাঠে সক্রিয় রয়েছে। সাধারণ মানুষকে সচেতন থাকার আহ্বান জানানো হয়েছে এবং যে কোনো প্রয়োজনে নিকটস্থ থানায় যোগাযোগ করতে বলা হয়েছে। পরবর্তী সিদ্ধান্ত পর্যালোচনা সভার পর জানানো হবে বলে জানা গেছে। এ বিষয়ে সংশ্লিষ্ট কর্মকর্তারা জানান, পরিস্থিতি স্বাভাবিক রাখতে সব ধরনের ব্যবস্থা নেওয়া হয়েছে। স্থানীয় প্রশাসন ও আইনশৃঙ্খলা বাহিনী মাঠে সক্রিয় রয়েছে। সাধারণ মানুষকে সচেতন থাকার আহ্বান জানানো হয়েছে এবং যে কোনো প্রয়োজনে নিকটস্থ থানায় যোগাযোগ করতে বলা হয়েছে। পরবর্তী সিদ্ধান্ত পর্যালোচনা সভার পর জানানো হবে বলে জানা গেছে। এ বিষয়ে সংশ্লিষ্ট কর্মকর্তারা জানান, পরিস্থিতি স্বাভাবিক রাখতে সব ধরনের ব্যবস্থা নেওয়া হয়েছে। স্থানীয় প্রশাসন ও আইনশৃঙ্খলা বাহিনী মাঠে সক্রিয় রয়েছে। সাধারণ মানুষকে সচেতন থাকার আহ্বান জানানো হয়েছে এবং যে কোনো প্রয়োজনে নিকটস্থ থানায় যোগাযোগ করতে বলা হয়েছে। পরবর্তী সিদ্ধান্ত পর্যালোচনা সভার পর জানানো হবে বলে জানা গেছে। এ বিষয়ে সংশ্লিষ্ট কর্মকর্তারা জানান, পরিস্থিতি স্বাভাবিক রাখতে সব ধরনের ব্যবস্থা নেওয়া হয়েছে। স্থানীয় প্রশাসন ও আইনশৃঙ্খলা বাহিনী মাঠে সক্রিয় রয়েছে। সাধারণ মানুষকে সচেতন থাকার আহ্বান জানানো হয়েছে এবং যে কোনো প্রয়োজনে নিকটস্থ থানায় যোগাযোগ করতে বলা হয়েছে। পরবর্তী সিদ্ধান্ত পর্যালোচনা সভার পর জানানো হবে বলে জানা গেছে। এ বিষয়ে সংশ্লিষ্ট কর্মকর্তারা জানান, পরিস্থিতি স্বাভাবিক রাখতে সব ধরনের ব্যবস্থা নেওয়া হয়েছে। স্থানীয় প্রশাসন ও আইনশৃঙ্খলা বাহিনী মাঠে সক্রিয় রয়েছে। সাধারণ মানুষকে সচেতন থাকার আহ্বান জানানো হয়েছে এবং যে কোনো প্রয়োজনে নিকটস্থ থানায় যোগাযোগ করতে বলা হয়েছে। পরবর্তী সিদ্ধান্ত পর্যালোচনা সভার পর জানানো হবে বলে জানা গেছে। এ বিষয়ে সংশ্লিষ্ট কর্মকর্তারা জানান, পরিস্থিতি স্বাভাবিক রাখতে সব ধরনের ব্যবস্থা নেওয়া হয়েছে। স্থানীয় প্রশাসন ও আইনশৃঙ্খলা বাহিনী মাঠে সক্রিয় রয়েছে। সাধারণ মানুষকে সচেতন থাকার আহ্বান জানানো হয়েছে এবং যে কোনো প্রয়োজনে নিকটস্থ থানায় যোগাযোগ করতে বলা হয়েছে। পরবর্তী সিদ্ধান্ত পর্যালোচনা সভার পর জানানো হবে বলে জানা গেছে।

ডেডলাইন ২৭ জুলাই
(প্রথম পাতার পর)

এ বিষয়ে সংশ্লিষ্ট কর্মকর্তারা জানান, পরিস্থিতি স্বাভাবিক রাখতে সব ধরনের ব্যবস্থা নেওয়া হয়েছে। স্থানীয় প্রশাসন ও আইনশৃঙ্খলা বাহিনী মাঠে সক্রিয় রয়েছে। সাধারণ মানুষকে সচেতন থাকার আহ্বান জানানো হয়েছে এবং যে কোনো প্রয়োজনে নিকটস্থ থানায় যোগাযোগ করতে বলা হয়েছে। পরবর্তী সিদ্ধান্ত পর্যালোচনা সভার পর জানানো হবে বলে জানা গেছে। এ বিষয়ে সংশ্লিষ্ট কর্মকর্তারা জানান, পরিস্থিতি স্বাভাবিক রাখতে সব ধরনের ব্যবস্থা নেওয়া হয়েছে। স্থানীয় প্রশাসন ও আইনশৃঙ্খলা বাহিনী মাঠে সক্রিয় রয়েছে। সাধারণ মানুষকে সচেতন থাকার আহ্বান জানানো হয়েছে এবং যে কোনো প্রয়োজনে নিকটস্থ থানায় যোগাযোগ করতে বলা হয়েছে। পরবর্তী সিদ্ধান্ত পর্যালোচনা সভার পর জানানো হবে বলে জানা গেছে। এ বিষয়ে সংশ্লিষ্ট কর্মকর্তারা জানান, পরিস্থিতি স্বাভাবিক রাখতে সব ধরনের ব্যবস্থা নেওয়া হয়েছে। স্থানীয় প্রশাসন ও আইনশৃঙ্খলা বাহিনী মাঠে সক্রিয় রয়েছে। সাধারণ মানুষকে সচেতন থাকার আহ্বান জানানো হয়েছে এবং যে কোনো প্রয়োজনে নিকটস্থ থানায় যোগাযোগ করতে বলা হয়েছে। পরবর্তী সিদ্ধান্ত পর্যালোচনা সভার পর জানানো হবে বলে জানা গেছে। এ বিষয়ে সংশ্লিষ্ট কর্মকর্তারা জানান, পরিস্থিতি স্বাভাবিক রাখতে সব ধরনের ব্যবস্থা নেওয়া হয়েছে। স্থানীয় প্রশাসন ও আইনশৃঙ্খলা বাহিনী মাঠে সক্রিয় রয়েছে। সাধারণ মানুষকে সচেতন থাকার আহ্বান জানানো হয়েছে এবং যে কোনো প্রয়োজনে নিকটস্থ থানায় যোগাযোগ করতে বলা হয়েছে। পরবর্তী সিদ্ধান্ত পর্যালোচনা সভার পর জানানো হবে বলে জানা গেছে। এ বিষয়ে সংশ্লিষ্ট কর্মকর্তারা জানান, পরিস্থিতি স্বাভাবিক রাখতে সব ধরনের ব্যবস্থা নেওয়া হয়েছে। স্থানীয় প্রশাসন ও আইনশৃঙ্খলা বাহিনী মাঠে সক্রিয় রয়েছে। সাধারণ মানুষকে সচেতন থাকার আহ্বান জানানো হয়েছে এবং যে কোনো প্রয়োজনে নিকটস্থ থানায় যোগাযোগ করতে বলা হয়েছে। পরবর্তী সিদ্ধান্ত পর্যালোচনা সভার পর জানানো হবে বলে জানা গেছে। এ বিষয়ে সংশ্লিষ্ট কর্মকর্তারা জানান, পরিস্থিতি স্বাভাবিক রাখতে সব ধরনের ব্যবস্থা নেওয়া হয়েছে। স্থানীয় প্রশাসন ও আইনশৃঙ্খলা বাহিনী মাঠে সক্রিয় রয়েছে। সাধারণ মানুষকে সচেতন থাকার আহ্বান জানানো হয়েছে এবং যে কোনো প্রয়োজনে নিকটস্থ থানায় যোগাযোগ করতে বলা হয়েছে। পরবর্তী সিদ্ধান্ত পর্যালোচনা সভার পর জানানো হবে বলে জানা গেছে।

শিশুকে ধর্ষণের দায়ে একজনের যাবজ্জীবন
চট্টগ্রাম প্রতিনিধি

এ বিষয়ে সংশ্লিষ্ট কর্মকর্তারা জানান, পরিস্থিতি স্বাভাবিক রাখতে সব ধরনের ব্যবস্থা নেওয়া হয়েছে। স্থানীয় প্রশাসন ও আইনশৃঙ্খলা বাহিনী মাঠে সক্রিয় রয়েছে। সাধারণ মানুষকে সচেতন থাকার আহ্বান জানানো হয়েছে এবং যে কোনো প্রয়োজনে নিকটস্থ থানায় যোগাযোগ করতে বলা হয়েছে। পরবর্তী সিদ্ধান্ত পর্যালোচনা সভার পর জানানো হবে বলে জানা গেছে। এ বিষয়ে সংশ্লিষ্ট কর্মকর্তারা জানান, পরিস্থিতি স্বাভাবিক রাখতে সব ধরনের ব্যবস্থা নেওয়া হয়েছে। স্থানীয় প্রশাসন ও আইনশৃঙ্খলা বাহিনী মাঠে সক্রিয় রয়েছে। সাধারণ মানুষকে সচেতন থাকার আহ্বান জানানো হয়েছে এবং যে কোনো প্রয়োজনে নিকটস্থ থানায় যোগাযোগ করতে বলা হয়েছে। পরবর্তী সিদ্ধান্ত পর্যালোচনা সভার পর জানানো হবে বলে জানা গেছে। এ বিষয়ে সংশ্লিষ্ট কর্মকর্তারা জানান, পরিস্থিতি স্বাভাবিক রাখতে সব ধরনের ব্যবস্থা নেওয়া হয়েছে। স্থানীয় প্রশাসন ও আইনশৃঙ্খলা বাহিনী মাঠে সক্রিয় রয়েছে। সাধারণ মানুষকে সচেতন থাকার আহ্বান জানানো হয়েছে এবং যে কোনো প্রয়োজনে নিকটস্থ থানায় যোগাযোগ করতে বলা হয়েছে। পরবর্তী সিদ্ধান্ত পর্যালোচনা সভার পর জানানো হবে বলে জানা গেছে। এ বিষয়ে সংশ্লিষ্ট কর্মকর্তারা জানান, পরিস্থিতি স্বাভাবিক রাখতে সব ধরনের ব্যবস্থা নেওয়া হয়েছে। স্থানীয় প্রশাসন ও আইনশৃঙ্খলা বাহিনী মাঠে সক্রিয় রয়েছে। সাধারণ মানুষকে সচেতন থাকার আহ্বান জানানো হয়েছে এবং যে কোনো প্রয়োজনে নিকটস্থ থানায় যোগাযোগ করতে বলা হয়েছে। পরবর্তী সিদ্ধান্ত পর্যালোচনা সভার পর জানানো হবে বলে জানা গেছে। এ বিষয়ে সংশ্লিষ্ট কর্মকর্তারা জানান, পরিস্থিতি স্বাভাবিক রাখতে সব ধরনের ব্যবস্থা নেওয়া হয়েছে। স্থানীয় প্রশাসন ও আইনশৃঙ্খলা বাহিনী মাঠে সক্রিয় রয়েছে। সাধারণ মানুষকে সচেতন থাকার আহ্বান জানানো হয়েছে এবং যে কোনো প্রয়োজনে নিকটস্থ থানায় যোগাযোগ করতে বলা হয়েছে। পরবর্তী সিদ্ধান্ত পর্যালোচনা সভার পর জানানো হবে বলে জানা গেছে। এ বিষয়ে সংশ্লিষ্ট কর্মকর্তারা জানান, পরিস্থিতি স্বাভাবিক রাখতে সব ধরনের ব্যবস্থা নেওয়া হয়েছে। স্থানীয় প্রশাসন ও আইনশৃঙ্খলা বাহিনী মাঠে সক্রিয় রয়েছে। সাধারণ মানুষকে সচেতন থাকার আহ্বান জানানো হয়েছে এবং যে কোনো প্রয়োজনে নিকটস্থ থানায় যোগাযোগ করতে বলা হয়েছে। পরবর্তী সিদ্ধান্ত পর্যালোচনা সভার পর জানানো হবে বলে জানা গেছে। এ বিষয়ে সংশ্লিষ্ট কর্মকর্তারা জানান, পরিস্থিতি স্বাভাবিক রাখতে সব ধরনের ব্যবস্থা নেওয়া হয়েছে। স্থানীয় প্রশাসন ও আইনশৃঙ্খলা বাহিনী মাঠে সক্রিয় রয়েছে। সাধারণ মানুষকে সচেতন থাকার আহ্বান জানানো হয়েছে এবং যে কোনো প্রয়োজনে নিকটস্থ থানায় যোগাযোগ করতে বলা হয়েছে। পরবর্তী সিদ্ধান্ত পর্যালোচনা সভার পর জানানো হবে বলে জানা গেছে।

আনসার আল ইসলামের সাথে
(প্রথম পাতার পর)

এ বিষয়ে সংশ্লিষ্ট কর্মকর্তারা জানান, পরিস্থিতি স্বাভাবিক রাখতে সব ধরনের ব্যবস্থা নেওয়া হয়েছে। স্থানীয় প্রশাসন ও আইনশৃঙ্খলা বাহিনী মাঠে সক্রিয় রয়েছে। সাধারণ মানুষকে সচেতন থাকার আহ্বান জানানো হয়েছে এবং যে কোনো প্রয়োজনে নিকটস্থ থানায় যোগাযোগ করতে বলা হয়েছে। পরবর্তী সিদ্ধান্ত পর্যালোচনা সভার পর জানানো হবে বলে জানা গেছে। এ বিষয়ে সংশ্লিষ্ট কর্মকর্তারা জানান, পরিস্থিতি স্বাভাবিক রাখতে সব ধরনের ব্যবস্থা নেওয়া হয়েছে। স্থানীয় প্রশাসন ও আইনশৃঙ্খলা বাহিনী মাঠে সক্রিয় রয়েছে। সাধারণ মানুষকে সচেতন থাকার আহ্বান জানানো হয়েছে এবং যে কোনো প্রয়োজনে নিকটস্থ থানায় যোগাযোগ করতে বলা হয়েছে। পরবর্তী সিদ্ধান্ত পর্যালোচনা সভার পর জানানো হবে বলে জানা গেছে। এ বিষয়ে সংশ্লিষ্ট কর্মকর্তারা জানান, পরিস্থিতি স্বাভাবিক রাখতে সব ধরনের ব্যবস্থা নেওয়া হয়েছে। স্থানীয় প্রশাসন ও আইনশৃঙ্খলা বাহিনী মাঠে সক্রিয় রয়েছে। সাধারণ মানুষকে সচেতন থাকার আহ্বান জানানো হয়েছে এবং যে কোনো প্রয়োজনে নিকটস্থ থানায় যোগাযোগ করতে বলা হয়েছে। পরবর্তী সিদ্ধান্ত পর্যালোচনা সভার পর জানানো হবে বলে জানা গেছে। এ বিষয়ে সংশ্লিষ্ট কর্মকর্তারা জানান, পরিস্থিতি স্বাভাবিক রাখতে সব ধরনের ব্যবস্থা নেওয়া হয়েছে। স্থানীয় প্রশাসন ও আইনশৃঙ্খলা বাহিনী মাঠে সক্রিয় রয়েছে। সাধারণ মানুষকে সচেতন থাকার আহ্বান জানানো হয়েছে এবং যে কোনো প্রয়োজনে নিকটস্থ থানায় যোগাযোগ করতে বলা হয়েছে। পরবর্তী সিদ্ধান্ত পর্যালোচনা সভার পর জানানো হবে বলে জানা গেছে। এ বিষয়ে সংশ্লিষ্ট কর্মকর্তারা জানান, পরিস্থিতি স্বাভাবিক রাখতে সব ধরনের ব্যবস্থা নেওয়া হয়েছে। স্থানীয় প্রশাসন ও আইনশৃঙ্খলা বাহিনী মাঠে সক্রিয় রয়েছে। সাধারণ মানুষকে সচেতন থাকার আহ্বান জানানো হয়েছে এবং যে কোনো প্রয়োজনে নিকটস্থ থানায় যোগাযোগ করতে বলা হয়েছে। পরবর্তী সিদ্ধান্ত পর্যালোচনা সভার পর জানানো হবে বলে জানা গেছে। এ বিষয়ে সংশ্লিষ্ট কর্মকর্তারা জানান, পরিস্থিতি স্বাভাবিক রাখতে সব ধরনের ব্যবস্থা নেওয়া হয়েছে। স্থানীয় প্রশাসন ও আইনশৃঙ্খলা বাহিনী মাঠে সক্রিয় রয়েছে। সাধারণ মানুষকে সচেতন থাকার আহ্বান জানানো হয়েছে এবং যে কোনো প্রয়োজনে নিকটস্থ থানায় যোগাযোগ করতে বলা হয়েছে। পরবর্তী সিদ্ধান্ত পর্যালোচনা সভার পর জানানো হবে বলে জানা গেছে।

ডেঙ্গুতে ১২ মৃত্যু
(প্রথম পাতার পর)

এ বিষয়ে সংশ্লিষ্ট কর্মকর্তারা জানান, পরিস্থিতি স্বাভাবিক রাখতে সব ধরনের ব্যবস্থা নেওয়া হয়েছে। স্থানীয় প্রশাসন ও আইনশৃঙ্খলা বাহিনী মাঠে সক্রিয় রয়েছে। সাধারণ মানুষকে সচেতন থাকার আহ্বান জানানো হয়েছে এবং যে কোনো প্রয়োজনে নিকটস্থ থানায় যোগাযোগ করতে বলা হয়েছে। পরবর্তী সিদ্ধান্ত পর্যালোচনা সভার পর জানানো হবে বলে জানা গেছে। এ বিষয়ে সংশ্লিষ্ট কর্মকর্তারা জানান, পরিস্থিতি স্বাভাবিক রাখতে সব ধরনের ব্যবস্থা নেওয়া হয়েছে। স্থানীয় প্রশাসন ও আইনশৃঙ্খলা বাহিনী মাঠে সক্রিয় রয়েছে। সাধারণ মানুষকে সচেতন থাকার আহ্বান জানানো হয়েছে এবং যে কোনো প্রয়োজনে নিকটস্থ থানায় যোগাযোগ করতে বলা হয়েছে। পরবর্তী সিদ্ধান্ত পর্যালোচনা সভার পর জানানো হবে বলে জানা গেছে। এ বিষয়ে সংশ্লিষ্ট কর্মকর্তারা জানান, পরিস্থিতি স্বাভাবিক রাখতে সব ধরনের ব্যবস্থা নেওয়া হয়েছে। স্থানীয় প্রশাসন ও আইনশৃঙ্খলা বাহিনী মাঠে সক্রিয় রয়েছে। সাধারণ মানুষকে সচেতন থাকার আহ্বান জানানো হয়েছে এবং যে কোনো প্রয়োজনে নিকটস্থ থানায় যোগাযোগ করতে বলা হয়েছে। পরবর্তী সিদ্ধান্ত পর্যালোচনা সভার পর জানানো হবে বলে জানা গেছে। এ বিষয়ে সংশ্লিষ্ট কর্মকর্তারা জানান, পরিস্থিতি স্বাভাবিক রাখতে সব ধরনের ব্যবস্থা নেওয়া হয়েছে। স্থানীয় প্রশাসন ও আইনশৃঙ্খলা বাহিনী মাঠে সক্রিয় রয়েছে। সাধারণ মানুষকে সচেতন থাকার আহ্বান জানানো হয়েছে এবং যে কোনো প্রয়োজনে নিকটস্থ থানায় যোগাযোগ করতে বলা হয়েছে। পরবর্তী সিদ্ধান্ত পর্যালোচনা সভার পর জানানো হবে বলে জানা গেছে। এ বিষয়ে সংশ্লিষ্ট কর্মকর্তারা জানান, পরিস্থিতি স্বাভাবিক রাখতে সব ধরনের ব্যবস্থা নেওয়া হয়েছে। স্থানীয় প্রশাসন ও আইনশৃঙ্খলা বাহিনী মাঠে সক্রিয় রয়েছে। সাধারণ মানুষকে সচেতন থাকার আহ্বান জানানো হয়েছে এবং যে কোনো প্রয়োজনে নিকটস্থ থানায় যোগাযোগ করতে বলা হয়েছে। পরবর্তী সিদ্ধান্ত পর্যালোচনা সভার পর জানানো হবে বলে জানা গেছে। এ বিষয়ে সংশ্লিষ্ট কর্মকর্তারা জানান, পরিস্থিতি স্বাভাবিক রাখতে সব ধরনের ব্যবস্থা নেওয়া হয়েছে। স্থানীয় প্রশাসন ও আইনশৃঙ্খলা বাহিনী মাঠে সক্রিয় রয়েছে। সাধারণ মানুষকে সচেতন থাকার আহ্বান জানানো হয়েছে এবং যে কোনো প্রয়োজনে নিকটস্থ থানায় যোগাযোগ করতে বলা হয়েছে। পরবর্তী সিদ্ধান্ত পর্যালোচনা সভার পর জানানো হবে বলে জানা গেছে।
